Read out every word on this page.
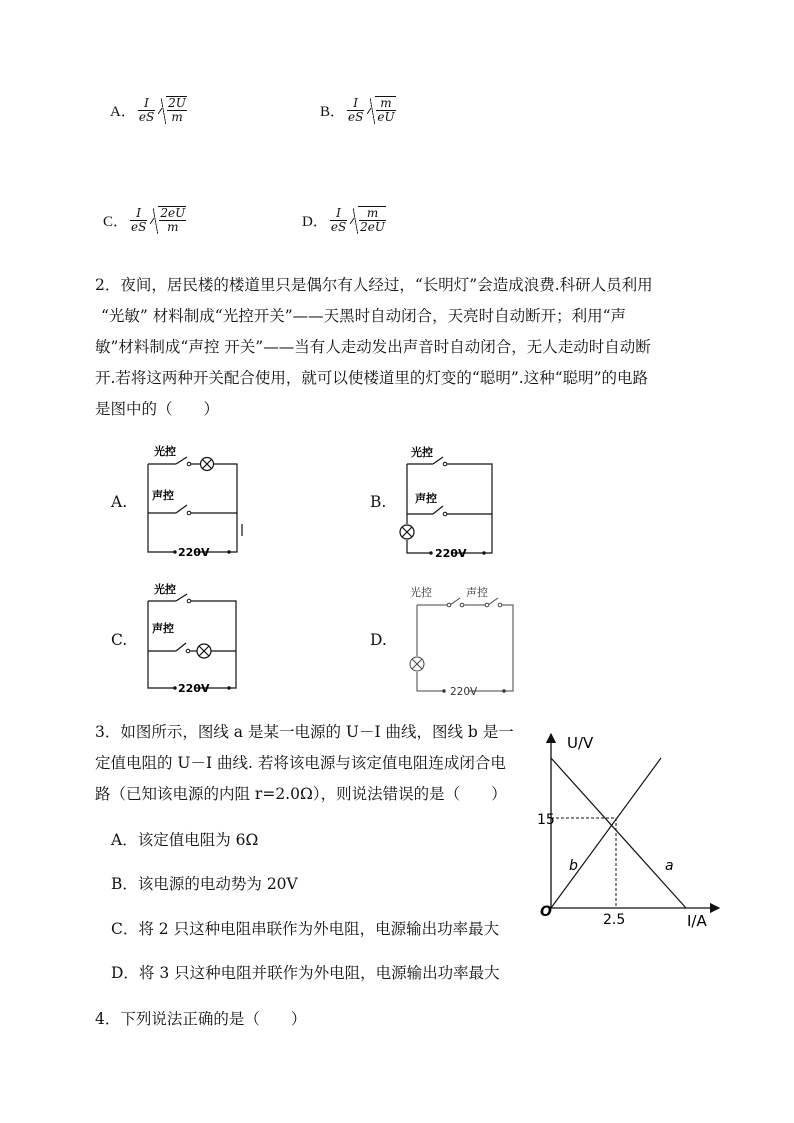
A． $\frac{I}{eS} \frac{2U}{m}$	B． $\frac{I}{eS} \frac{m}{eU}$
C． $\frac{I}{eS} \frac{2eU}{m}$	D． $\frac{I}{eS} \frac{m}{2eU}$
2．夜间，居民楼的楼道里只是偶尔有人经过，“长明灯”会造成浪费.科研人员利用
“光敏” 材料制成“光控开关”——天黑时自动闭合，天亮时自动断开；利用“声
敏”材料制成“声控 开关”——当有人走动发出声音时自动闭合，无人走动时自动断
开.若将这两种开关配合使用，就可以使楼道里的灯变的“聪明”.这种“聪明”的电路
是图中的（　　）
A.
光控
声控
220V
B.
光控
声控
220V
C.
光控
声控
220V
D.
光控	声控
220V
3．如图所示，图线 a 是某一电源的 U－I 曲线，图线 b 是一
定值电阻的 U－I 曲线. 若将该电源与该定值电阻连成闭合电
路（已知该电源的内阻 r=2.0Ω），则说法错误的是（　　）
A．该定值电阻为 6Ω
B．该电源的电动势为 20V
C．将 2 只这种电阻串联作为外电阻，电源输出功率最大
D．将 3 只这种电阻并联作为外电阻，电源输出功率最大
U/V
I/A
15
2.5
O
a
b
4．下列说法正确的是（　　）
